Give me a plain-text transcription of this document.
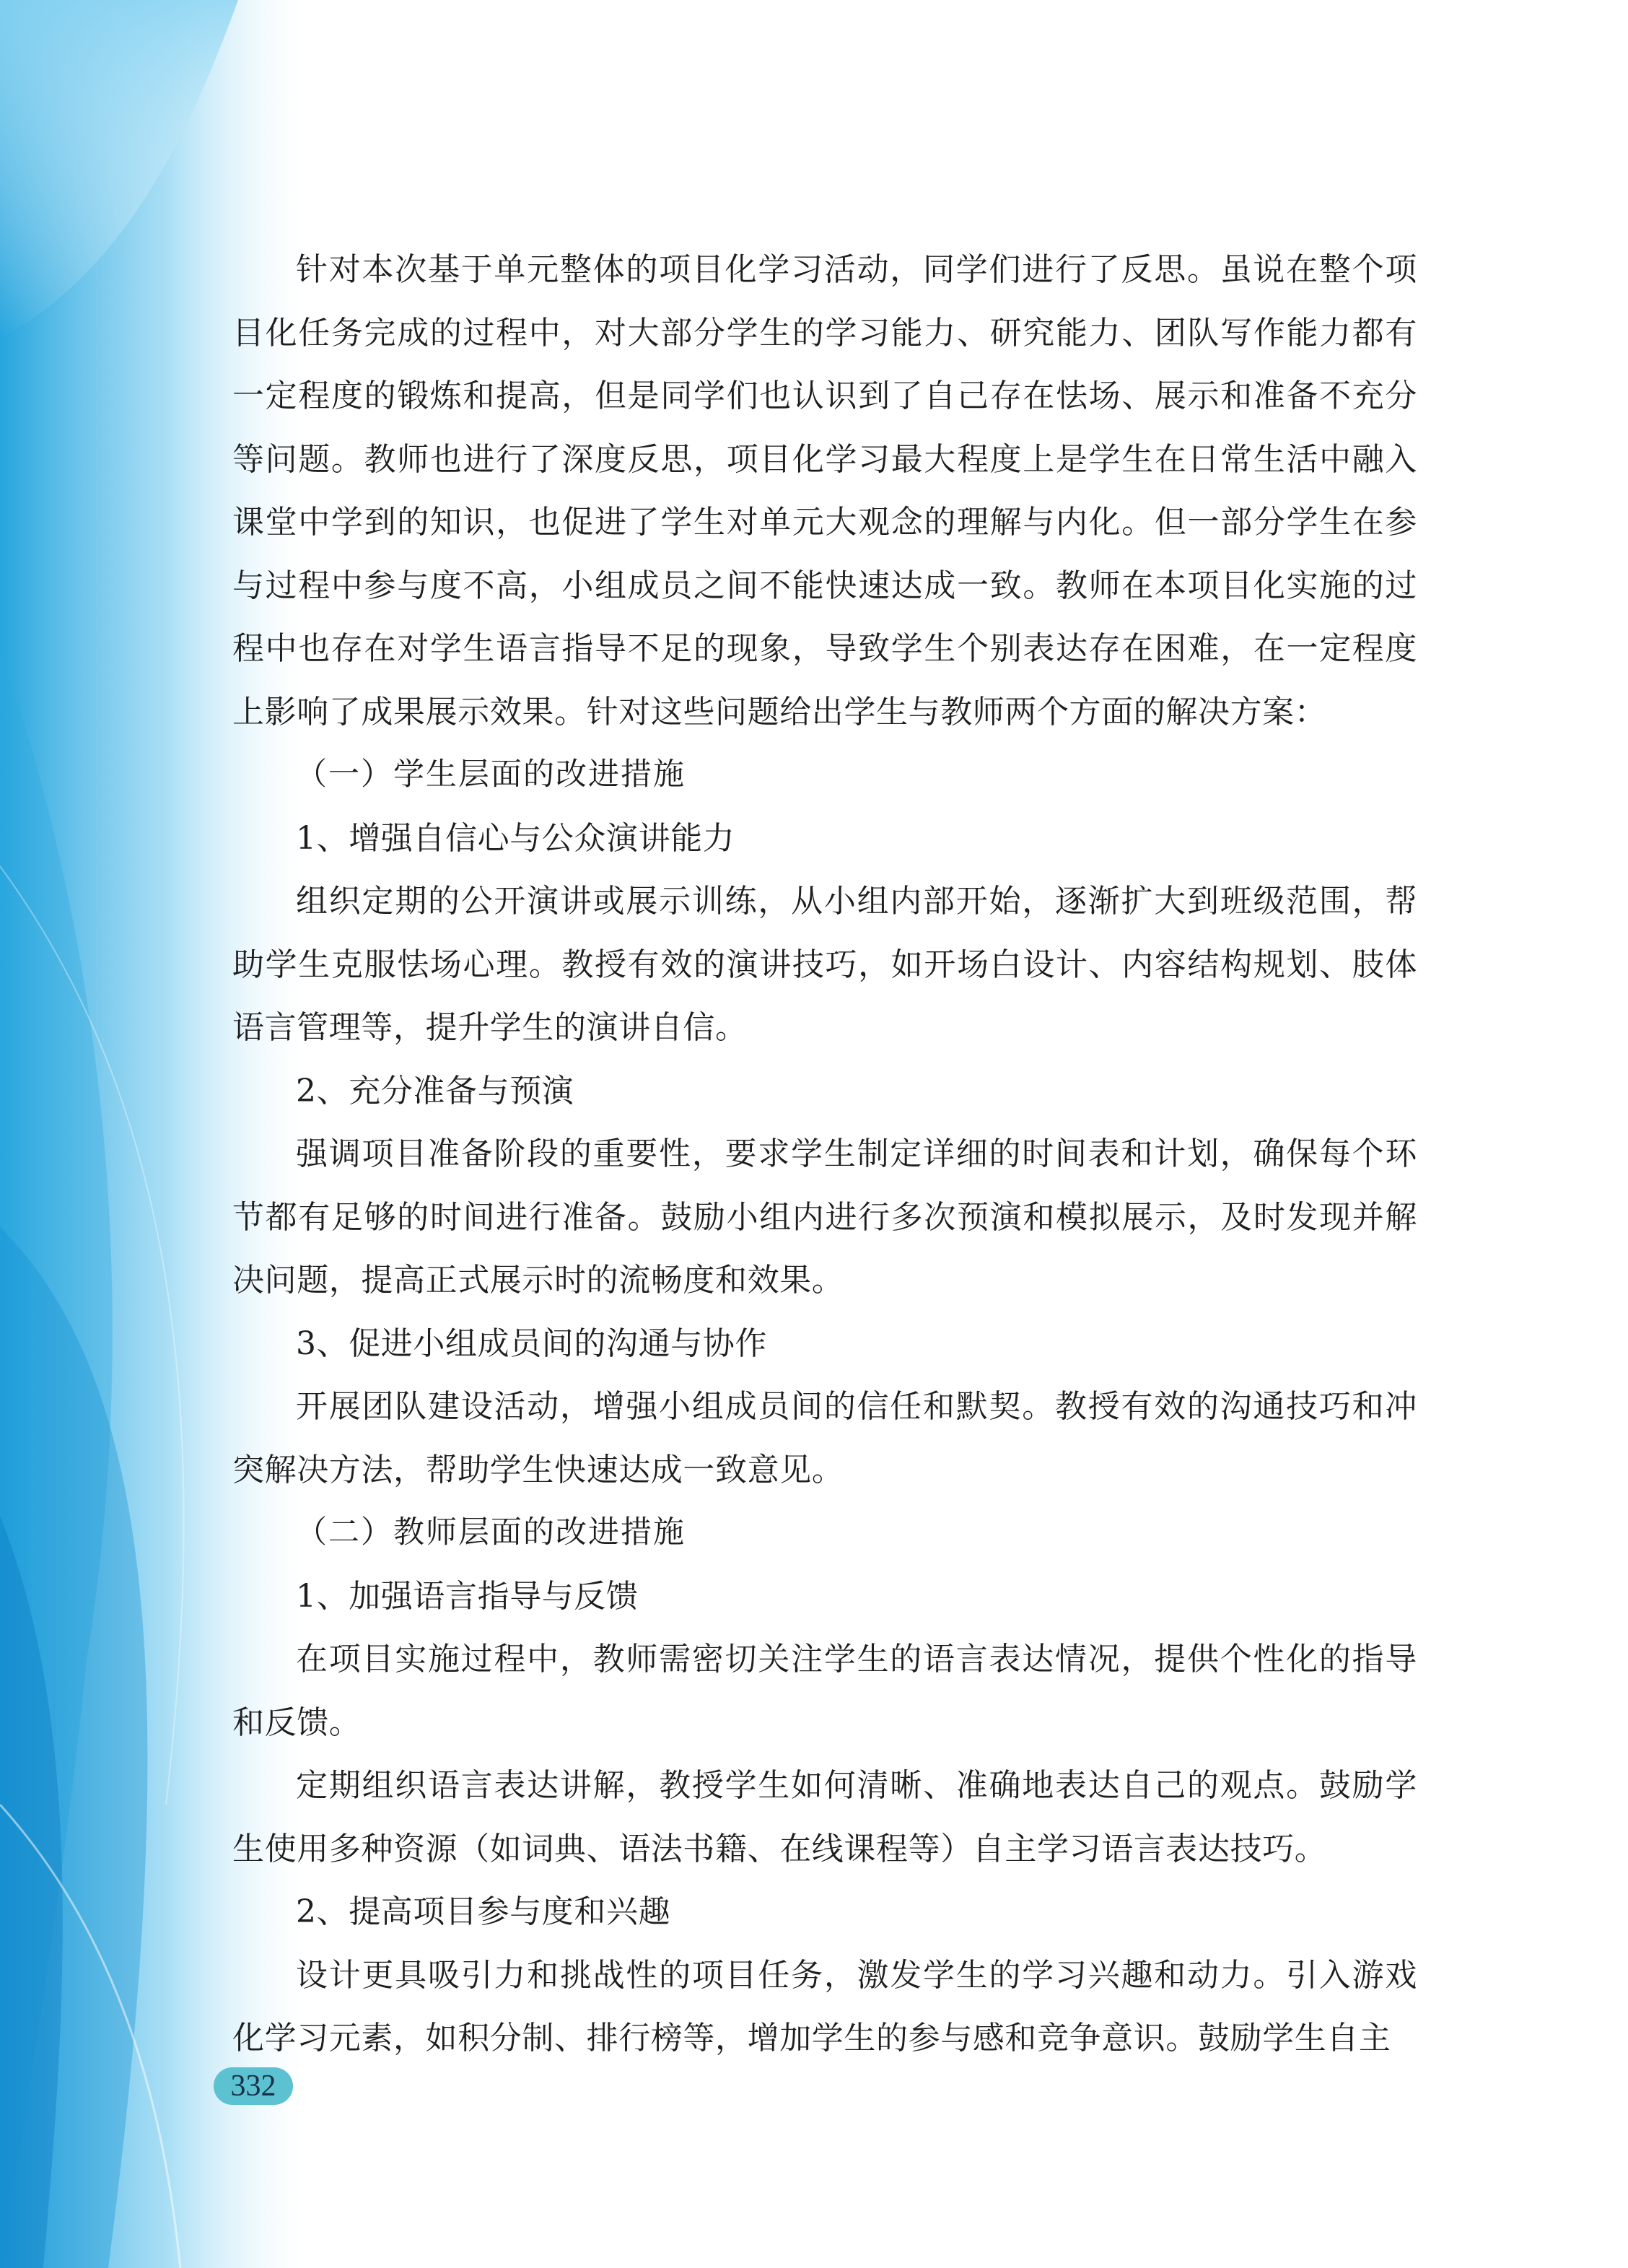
针对本次基于单元整体的项目化学习活动，同学们进行了反思。虽说在整个项目化任务完成的过程中，对大部分学生的学习能力、研究能力、团队写作能力都有一定程度的锻炼和提高，但是同学们也认识到了自己存在怯场、展示和准备不充分等问题。教师也进行了深度反思，项目化学习最大程度上是学生在日常生活中融入课堂中学到的知识，也促进了学生对单元大观念的理解与内化。但一部分学生在参与过程中参与度不高，小组成员之间不能快速达成一致。教师在本项目化实施的过程中也存在对学生语言指导不足的现象，导致学生个别表达存在困难，在一定程度上影响了成果展示效果。针对这些问题给出学生与教师两个方面的解决方案：

（一）学生层面的改进措施

1、增强自信心与公众演讲能力

组织定期的公开演讲或展示训练，从小组内部开始，逐渐扩大到班级范围，帮助学生克服怯场心理。教授有效的演讲技巧，如开场白设计、内容结构规划、肢体语言管理等，提升学生的演讲自信。

2、充分准备与预演

强调项目准备阶段的重要性，要求学生制定详细的时间表和计划，确保每个环节都有足够的时间进行准备。鼓励小组内进行多次预演和模拟展示，及时发现并解决问题，提高正式展示时的流畅度和效果。

3、促进小组成员间的沟通与协作

开展团队建设活动，增强小组成员间的信任和默契。教授有效的沟通技巧和冲突解决方法，帮助学生快速达成一致意见。

（二）教师层面的改进措施

1、加强语言指导与反馈

在项目实施过程中，教师需密切关注学生的语言表达情况，提供个性化的指导和反馈。

定期组织语言表达讲解，教授学生如何清晰、准确地表达自己的观点。鼓励学生使用多种资源（如词典、语法书籍、在线课程等）自主学习语言表达技巧。

2、提高项目参与度和兴趣

设计更具吸引力和挑战性的项目任务，激发学生的学习兴趣和动力。引入游戏化学习元素，如积分制、排行榜等，增加学生的参与感和竞争意识。鼓励学生自主

332
